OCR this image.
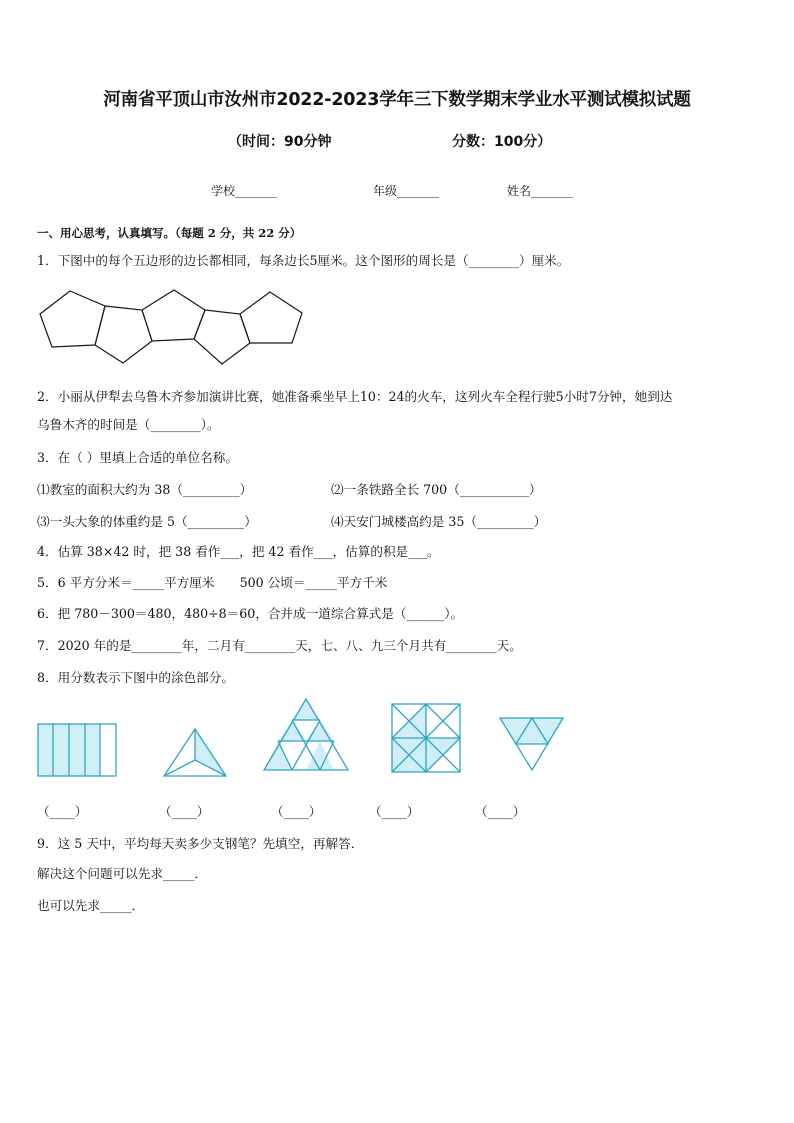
河南省平顶山市汝州市2022-2023学年三下数学期末学业水平测试模拟试题
（时间：90分钟	分数：100分）
学校_______	年级_______	姓名_______
一、用心思考，认真填写。（每题 2 分，共 22 分）
1．下图中的每个五边形的边长都相同，每条边长5厘米。这个图形的周长是（________）厘米。
2．小丽从伊犁去乌鲁木齐参加演讲比赛，她准备乘坐早上10：24的火车，这列火车全程行驶5小时7分钟，她到达
乌鲁木齐的时间是（________）。
3．在（ ）里填上合适的单位名称。
⑴教室的面积大约为 38（_________）	⑵一条铁路全长 700（___________）
⑶一头大象的体重约是 5（_________）	⑷天安门城楼高约是 35（_________）
4．估算 38×42 时，把 38 看作___，把 42 看作___，估算的积是___。
5．6 平方分米＝_____平方厘米　　500 公顷＝_____平方千米
6．把 780－300＝480，480÷8＝60，合并成一道综合算式是（______）。
7．2020 年的是________年，二月有________天，七、八、九三个月共有________天。
8．用分数表示下图中的涂色部分。
（____）	（____）	（____）	（____）	（____）
9．这 5 天中，平均每天卖多少支钢笔？先填空，再解答．
解决这个问题可以先求_____．
也可以先求_____．
